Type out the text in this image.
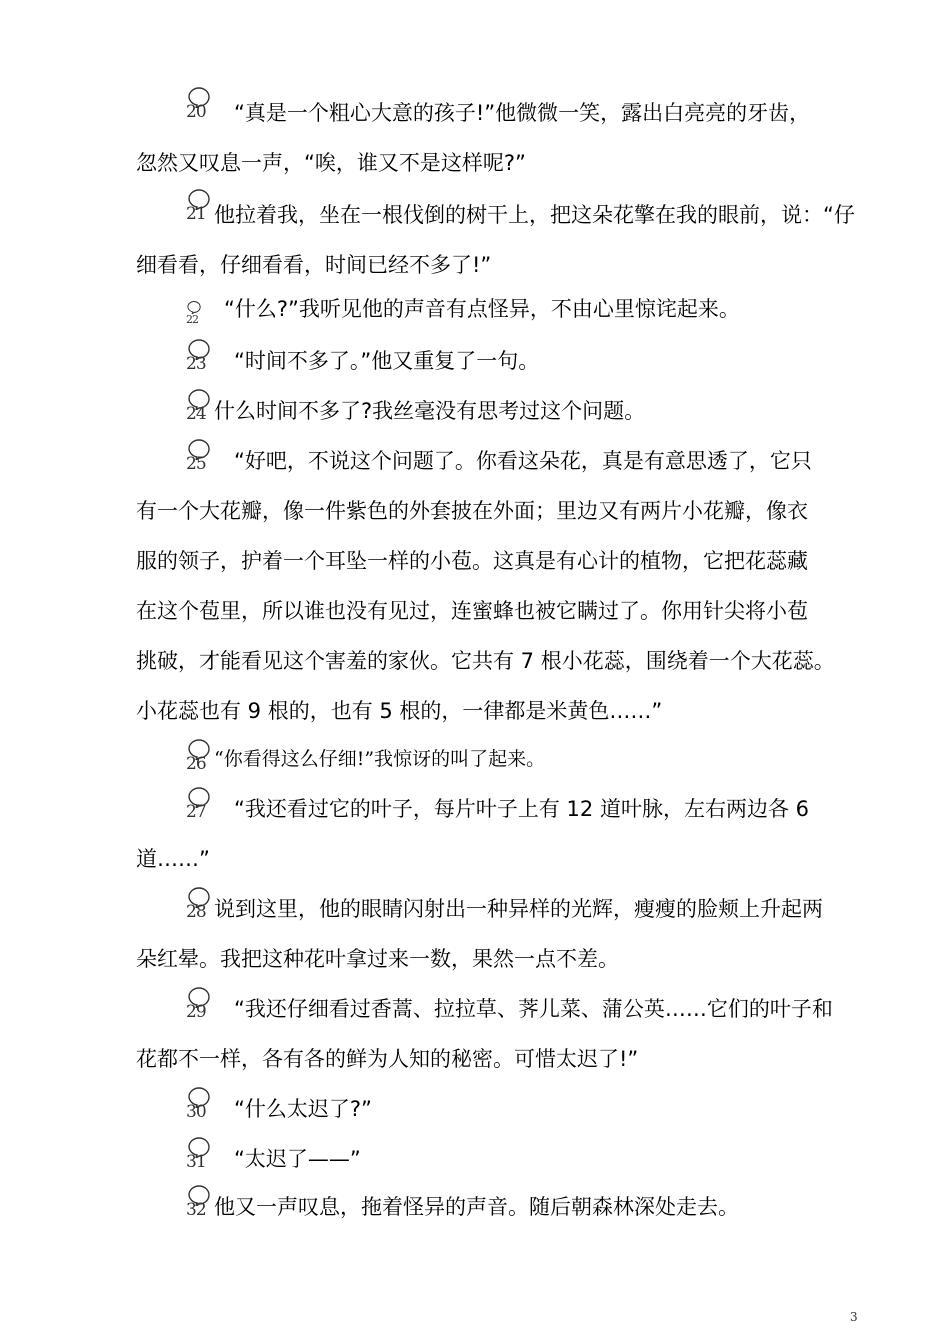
20	“真是一个粗心大意的孩子!”他微微一笑，露出白亮亮的牙齿，
忽然又叹息一声，“唉，谁又不是这样呢?”
21 他拉着我，坐在一根伐倒的树干上，把这朵花擎在我的眼前，说：“仔
细看看，仔细看看，时间已经不多了!”
22	“什么?”我听见他的声音有点怪异，不由心里惊诧起来。
23	“时间不多了。”他又重复了一句。
24 什么时间不多了?我丝毫没有思考过这个问题。
25	“好吧，不说这个问题了。你看这朵花，真是有意思透了，它只
有一个大花瓣，像一件紫色的外套披在外面；里边又有两片小花瓣，像衣
服的领子，护着一个耳坠一样的小苞。这真是有心计的植物，它把花蕊藏
在这个苞里，所以谁也没有见过，连蜜蜂也被它瞒过了。你用针尖将小苞
挑破，才能看见这个害羞的家伙。它共有 7 根小花蕊，围绕着一个大花蕊。
小花蕊也有 9 根的，也有 5 根的，一律都是米黄色……”
26 “你看得这么仔细!”我惊讶的叫了起来。
27	“我还看过它的叶子，每片叶子上有 12 道叶脉，左右两边各 6
道……”
28 说到这里，他的眼睛闪射出一种异样的光辉，瘦瘦的脸颊上升起两
朵红晕。我把这种花叶拿过来一数，果然一点不差。
29	“我还仔细看过香蒿、拉拉草、荠儿菜、蒲公英……它们的叶子和
花都不一样，各有各的鲜为人知的秘密。可惜太迟了!”
30	“什么太迟了?”
31	“太迟了——”
32 他又一声叹息，拖着怪异的声音。随后朝森林深处走去。
3
